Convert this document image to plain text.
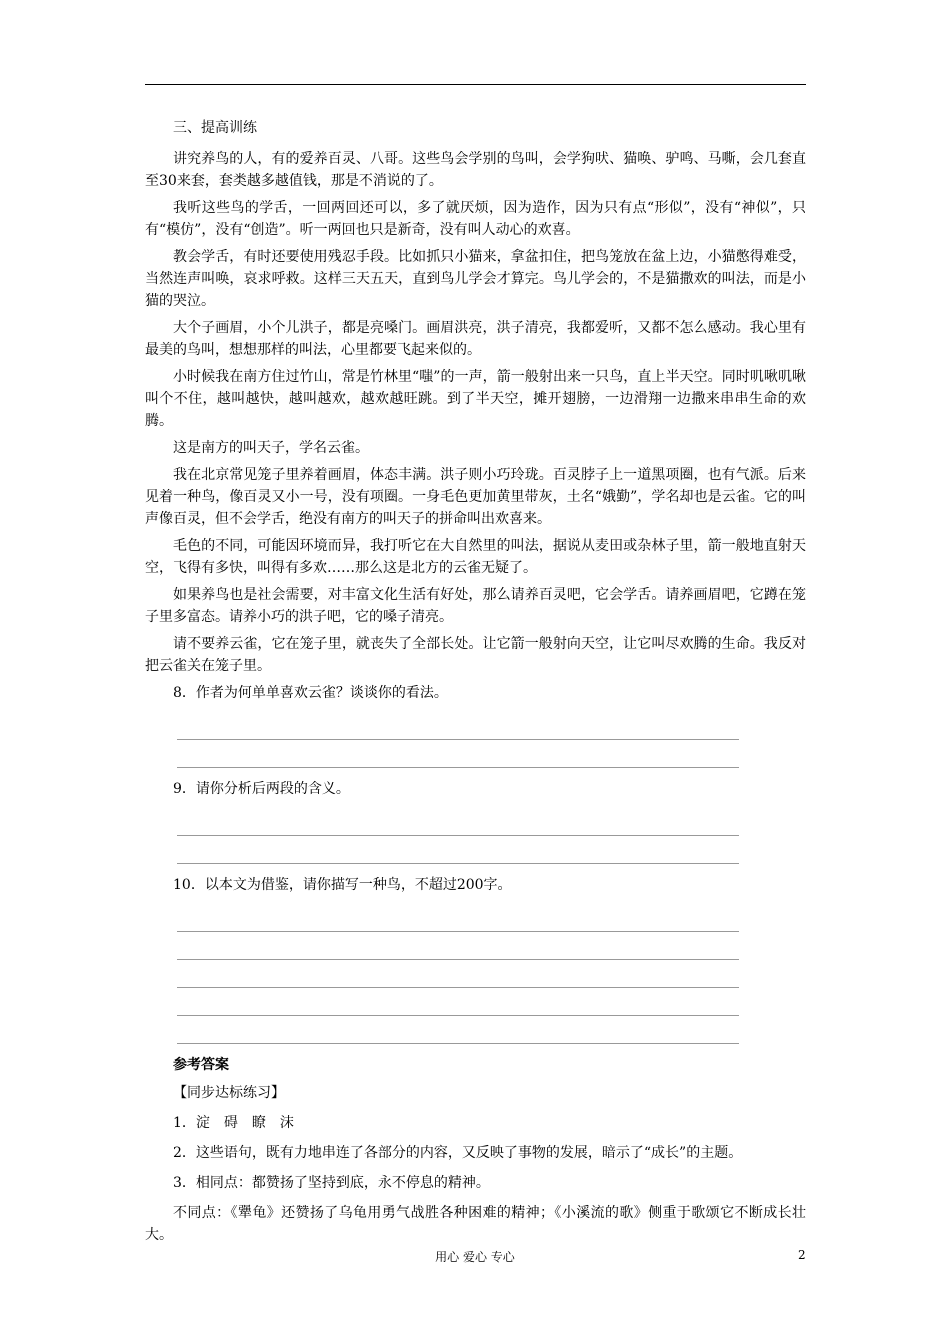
三、提高训练

讲究养鸟的人，有的爱养百灵、八哥。这些鸟会学别的鸟叫，会学狗吠、猫唤、驴鸣、马嘶，会几套直至30来套，套类越多越值钱，那是不消说的了。

我听这些鸟的学舌，一回两回还可以，多了就厌烦，因为造作，因为只有点“形似”，没有“神似”，只有“模仿”，没有“创造”。听一两回也只是新奇，没有叫人动心的欢喜。

教会学舌，有时还要使用残忍手段。比如抓只小猫来，拿盆扣住，把鸟笼放在盆上边，小猫憋得难受，当然连声叫唤，哀求呼救。这样三天五天，直到鸟儿学会才算完。鸟儿学会的，不是猫撒欢的叫法，而是小猫的哭泣。

大个子画眉，小个儿洪子，都是亮嗓门。画眉洪亮，洪子清亮，我都爱听，又都不怎么感动。我心里有最美的鸟叫，想想那样的叫法，心里都要飞起来似的。

小时候我在南方住过竹山，常是竹林里“嗤”的一声，箭一般射出来一只鸟，直上半天空。同时叽啾叽啾叫个不住，越叫越快，越叫越欢，越欢越旺跳。到了半天空，摊开翅膀，一边滑翔一边撒来串串生命的欢腾。

这是南方的叫天子，学名云雀。

我在北京常见笼子里养着画眉，体态丰满。洪子则小巧玲珑。百灵脖子上一道黑项圈，也有气派。后来见着一种鸟，像百灵又小一号，没有项圈。一身毛色更加黄里带灰，土名“娥勤”，学名却也是云雀。它的叫声像百灵，但不会学舌，绝没有南方的叫天子的拼命叫出欢喜来。

毛色的不同，可能因环境而异，我打听它在大自然里的叫法，据说从麦田或杂林子里，箭一般地直射天空，飞得有多快，叫得有多欢……那么这是北方的云雀无疑了。

如果养鸟也是社会需要，对丰富文化生活有好处，那么请养百灵吧，它会学舌。请养画眉吧，它蹲在笼子里多富态。请养小巧的洪子吧，它的嗓子清亮。

请不要养云雀，它在笼子里，就丧失了全部长处。让它箭一般射向天空，让它叫尽欢腾的生命。我反对把云雀关在笼子里。

8．作者为何单单喜欢云雀？谈谈你的看法。

9．请你分析后两段的含义。

10．以本文为借鉴，请你描写一种鸟，不超过200字。

参考答案

【同步达标练习】

1．淀　碍　瞭　沫

2．这些语句，既有力地串连了各部分的内容，又反映了事物的发展，暗示了“成长”的主题。

3．相同点：都赞扬了坚持到底，永不停息的精神。

不同点：《犟龟》还赞扬了乌龟用勇气战胜各种困难的精神；《小溪流的歌》侧重于歌颂它不断成长壮大。

用心 爱心 专心	2
